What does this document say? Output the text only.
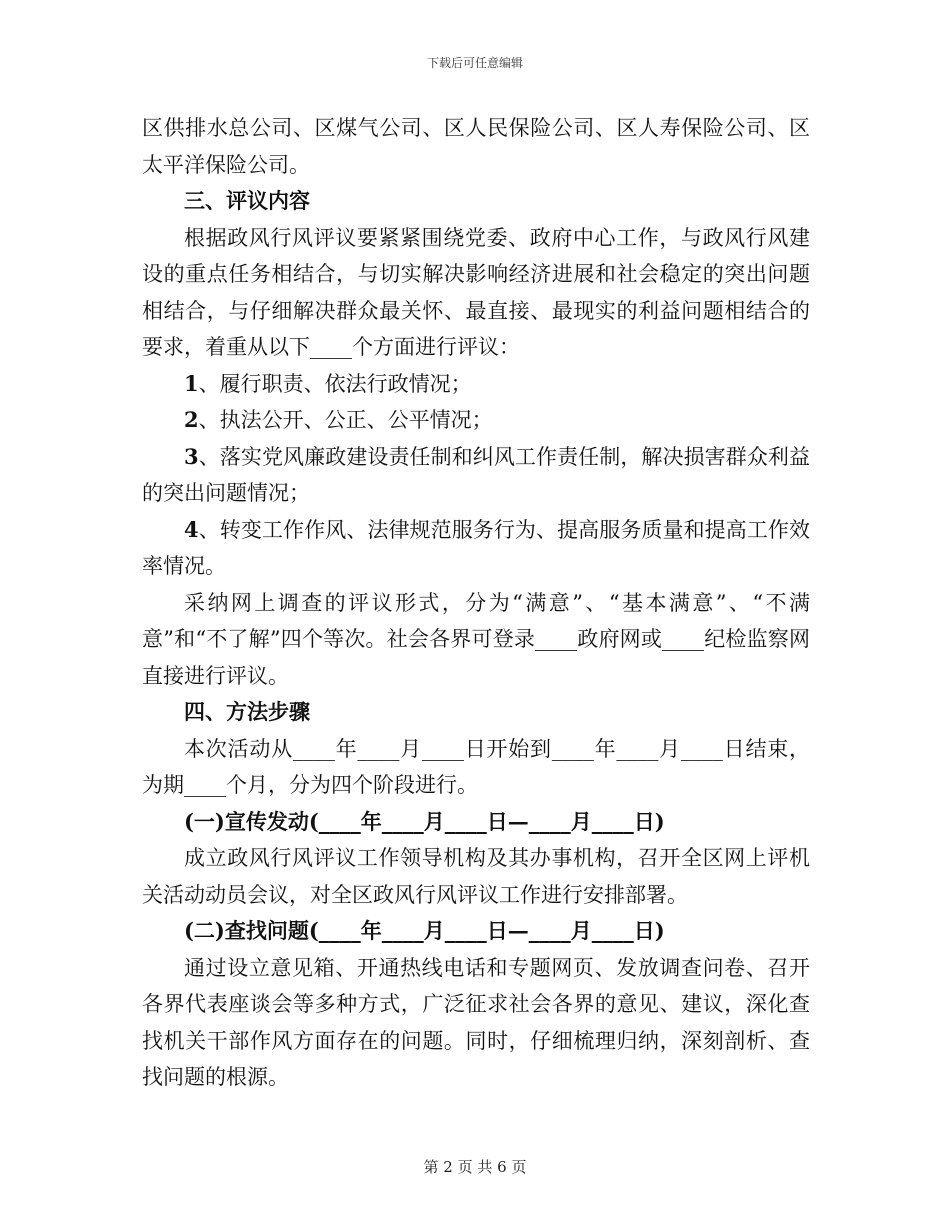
下载后可任意编辑

区供排水总公司、区煤气公司、区人民保险公司、区人寿保险公司、区太平洋保险公司。

三、评议内容

根据政风行风评议要紧紧围绕党委、政府中心工作，与政风行风建设的重点任务相结合，与切实解决影响经济进展和社会稳定的突出问题相结合，与仔细解决群众最关怀、最直接、最现实的利益问题相结合的要求，着重从以下____个方面进行评议：

1、履行职责、依法行政情况；

2、执法公开、公正、公平情况；

3、落实党风廉政建设责任制和纠风工作责任制，解决损害群众利益的突出问题情况；

4、转变工作作风、法律规范服务行为、提高服务质量和提高工作效率情况。

采纳网上调查的评议形式，分为“满意”、“基本满意”、“不满意”和“不了解”四个等次。社会各界可登录____政府网或____纪检监察网直接进行评议。

四、方法步骤

本次活动从____年____月____日开始到____年____月____日结束，为期____个月，分为四个阶段进行。

(一)宣传发动(____年____月____日—____月____日)

成立政风行风评议工作领导机构及其办事机构，召开全区网上评机关活动动员会议，对全区政风行风评议工作进行安排部署。

(二)查找问题(____年____月____日—____月____日)

通过设立意见箱、开通热线电话和专题网页、发放调查问卷、召开各界代表座谈会等多种方式，广泛征求社会各界的意见、建议，深化查找机关干部作风方面存在的问题。同时，仔细梳理归纳，深刻剖析、查找问题的根源。

第 2 页 共 6 页
